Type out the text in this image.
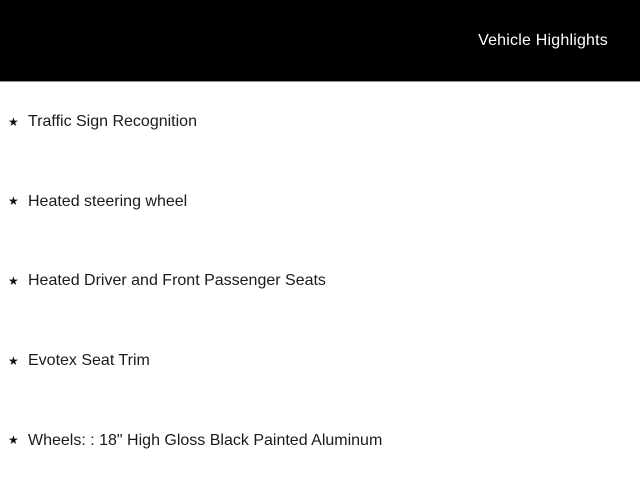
Vehicle Highlights
★ Traffic Sign Recognition
★ Heated steering wheel
★ Heated Driver and Front Passenger Seats
★ Evotex Seat Trim
★ Wheels: : 18" High Gloss Black Painted Aluminum
